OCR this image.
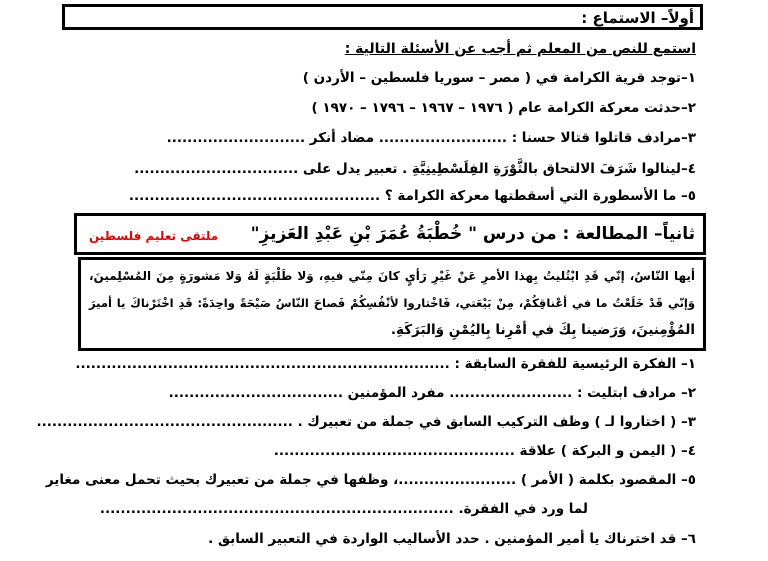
أولاً– الاستماع :
استمع للنص من المعلم ثم أجب عن الأسئلة التالية :
١–توجد قرية الكرامة في ( مصر – سوريا فلسطين – الأردن )
٢–حدثت معركة الكرامة عام ( ١٩٧٦ – ١٩٦٧ – ١٧٩٦ – ١٩٧٠ )
٣–مرادف قاتلوا قتالا حسنا : ......................... مضاد أنكر ...........................
٤–لينالوا شَرَفَ الالتحاق بالثَّوْرَةِ الفِلَسْطِينِيَّةِ . تعبير يدل على ................................
٥– ما الأسطورة التي أسقطتها معركة الكرامة ؟ .................................................
ثانياً– المطالعة : من درس " خُطْبَةُ عُمَرَ بْنِ عَبْدِ العَزيزِ"
ملتقى تعليم فلسطين
أيها النّاسُ، إنّي قَدِ ابْتُليتُ بِهذا الأمرِ عَنْ غَيْرِ رَأيٍ كانَ مِنّي فيهِ، وَلا طَلْبَةٍ لَهُ وَلا مَشورَةٍ مِنَ المُسْلِمينَ،
وَإنّي قَدْ خَلَعْتُ ما في أعْناقِكُمْ، مِنْ بَيْعَتي، فَاخْتاروا لأنْفُسِكُمْ فَصاحَ النّاسُ صَيْحَةً واحِدَةً: قَدِ اخْتَرْناكَ يا أميرَ
المُؤْمِنينَ، وَرَضينا بِكَ في أمْرِنا بِاليُمْنِ وَالبَرَكَةِ.
١– الفكرة الرئيسية للفقرة السابقة : .........................................................................
٢– مرادف ابتليت : ........................ مفرد المؤمنين ..................................
٣– ( اختاروا لـ ) وظف التركيب السابق في جملة من تعبيرك . ..................................................
٤– ( اليمن و البركة ) علاقة ...............................................
٥– المقصود بكلمة ( الأمر ) .......................، وظفها في جملة من تعبيرك بحيث تحمل معنى مغاير
لما ورد في الفقرة. .....................................................................
٦– قد اخترناك يا أمير المؤمنين . حدد الأساليب الواردة في التعبير السابق .
